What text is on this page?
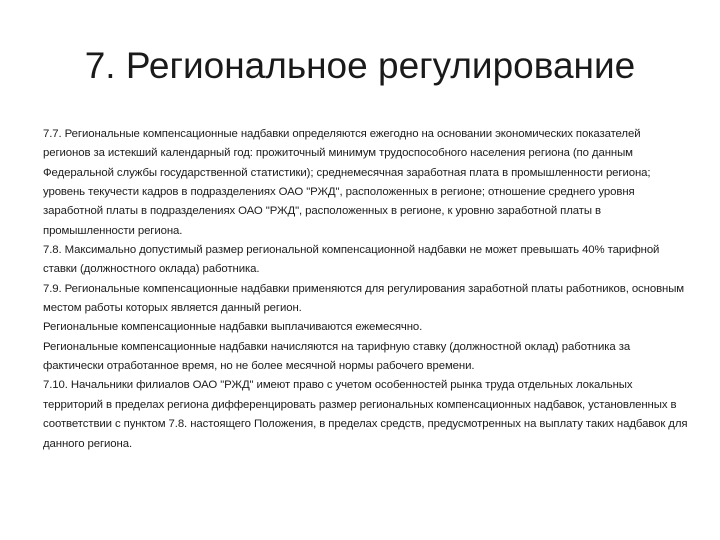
7. Региональное регулирование

7.7. Региональные компенсационные надбавки определяются ежегодно на основании экономических показателей регионов за истекший календарный год: прожиточный минимум трудоспособного населения региона (по данным Федеральной службы государственной статистики); среднемесячная заработная плата в промышленности региона; уровень текучести кадров в подразделениях ОАО "РЖД", расположенных в регионе; отношение среднего уровня заработной платы в подразделениях ОАО "РЖД", расположенных в регионе, к уровню заработной платы в промышленности региона.

7.8. Максимально допустимый размер региональной компенсационной надбавки не может превышать 40% тарифной ставки (должностного оклада) работника.

7.9. Региональные компенсационные надбавки применяются для регулирования заработной платы работников, основным местом работы которых является данный регион.

Региональные компенсационные надбавки выплачиваются ежемесячно.

Региональные компенсационные надбавки начисляются на тарифную ставку (должностной оклад) работника за фактически отработанное время, но не более месячной нормы рабочего времени.

7.10. Начальники филиалов ОАО "РЖД" имеют право с учетом особенностей рынка труда отдельных локальных территорий в пределах региона дифференцировать размер региональных компенсационных надбавок, установленных в соответствии с пунктом 7.8. настоящего Положения, в пределах средств, предусмотренных на выплату таких надбавок для данного региона.
